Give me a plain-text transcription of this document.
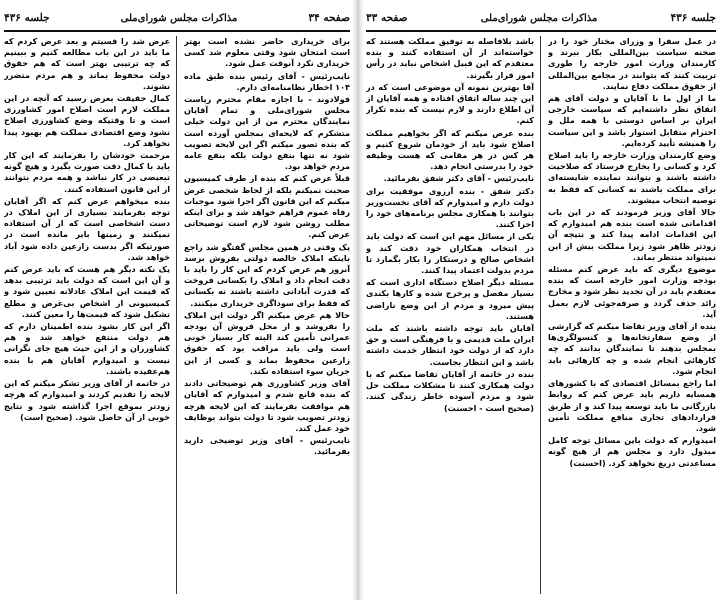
صفحه ۳۴
مذاکرات مجلس شورای‌ملی
جلسه ۴۳۶

برای خریداری حاضر نشده است بهتر است امتحان شود وقتی معلوم شد کسی خریداری نکرد آنوقت عمل شود.

نایب‌رئیس - آقای رئیس بنده طبق ماده ۱۰۴ اخطار نظامنامه‌ای دارم.

فولادوند - با اجازه مقام محترم ریاست مجلس شورای‌ملی و تمام آقایان نمایندگان محترم من از این دولت خیلی متشکرم که لایحه‌ای بمجلس آورده است که بنده تصور میکنم اگر این لایحه تصویب شود نه تنها بنفع دولت بلکه بنفع عامه مردم خواهد بود.

قبلاً عرض کنم که بنده از طرف کمیسیون صحبت نمیکنم بلکه از لحاظ شخصی عرض میکنم که این قانون اگر اجرا شود موجبات رفاه عموم فراهم خواهد شد و برای اینکه مطلب روشن شود لازم است توضیحاتی عرض کنم.

یک وقتی در همین مجلس گفتگو شد راجع باینکه املاک خالصه دولتی بفروش برسد آنروز هم عرض کردم که این کار را باید با دقت انجام داد و املاک را بکسانی فروخت که قدرت آبادانی داشته باشند نه بکسانی که فقط برای سوداگری خریداری میکنند.

حالا هم عرض میکنم اگر دولت این املاک را بفروشد و از محل فروش آن بودجه عمرانی تأمین کند البته کار بسیار خوبی است ولی باید مراقب بود که حقوق زارعین محفوظ بماند و کسی از این جریان سوء استفاده نکند.

آقای وزیر کشاورزی هم توضیحاتی دادند که بنده قانع شدم و امیدوارم که آقایان هم موافقت بفرمایند که این لایحه هرچه زودتر تصویب شود تا دولت بتواند بوظایف خود عمل کند.

نایب‌رئیس - آقای وزیر توضیحی دارید بفرمائید.

عرض شد را فسیتم و بعد عرض کردم که ما باید در این باب مطالعه کنیم و ببینیم که چه ترتیبی بهتر است که هم حقوق دولت محفوظ بماند و هم مردم متضرر نشوند.

کمال حقیقت بعرض رسید که آنچه در این مملکت لازم است اصلاح امور کشاورزی است و تا وقتیکه وضع کشاورزی اصلاح نشود وضع اقتصادی مملکت هم بهبود پیدا نخواهد کرد.

مرحمت خودشان را بفرمایند که این کار باید با کمال دقت صورت بگیرد و هیچ گونه تبعیضی در کار نباشد و همه مردم بتوانند از این قانون استفاده کنند.

بنده میخواهم عرض کنم که اگر آقایان توجه بفرمایند بسیاری از این املاک در دست اشخاصی است که از آن استفاده نمیکنند و زمینها بایر مانده است در صورتیکه اگر بدست زارعین داده شود آباد خواهد شد.

یک نکته دیگر هم هست که باید عرض کنم و آن این است که دولت باید ترتیبی بدهد که قیمت این املاک عادلانه تعیین شود و کمیسیونی از اشخاص بی‌غرض و مطلع تشکیل شود که قیمت‌ها را معین کنند.

اگر این کار بشود بنده اطمینان دارم که هم دولت منتفع خواهد شد و هم کشاورزان و از این حیث هیچ جای نگرانی نیست و امیدوارم آقایان هم با بنده هم‌عقیده باشند.

در خاتمه از آقای وزیر تشکر میکنم که این لایحه را تقدیم کردند و امیدوارم که هرچه زودتر بموقع اجرا گذاشته شود و نتایج خوبی از آن حاصل شود. (صحیح است)

جلسه ۴۳۶
مذاکرات مجلس شورای‌ملی
صفحه ۳۳

در عمل سفرا و وزرای مختار خود را در صحنه سیاست بین‌المللی بکار ببرند و کارمندان وزارت امور خارجه را طوری تربیت کنند که بتوانند در مجامع بین‌المللی از حقوق مملکت دفاع نمایند.

ما از اول ما با آقایان و دولت آقای هم اتفاق نظر داشته‌ایم که سیاست خارجی ایران بر اساس دوستی با همه ملل و احترام متقابل استوار باشد و این سیاست را همیشه تأیید کرده‌ایم.

وضع کارمندان وزارت خارجه را باید اصلاح کرد و کسانی را بخارج فرستاد که صلاحیت داشته باشند و بتوانند نماینده شایسته‌ای برای مملکت باشند نه کسانی که فقط به توصیه انتخاب میشوند.

حالا آقای وزیر فرمودند که در این باب اقداماتی شده است بنده هم امیدوارم که این اقدامات ادامه پیدا کند و نتیجه آن زودتر ظاهر شود زیرا مملکت بیش از این نمیتواند منتظر بماند.

موضوع دیگری که باید عرض کنم مسئله بودجه وزارت امور خارجه است که بنده معتقدم باید در آن تجدید نظر شود و مخارج زائد حذف گردد و صرفه‌جوئی لازم بعمل آید.

بنده از آقای وزیر تقاضا میکنم که گزارشی از وضع سفارتخانه‌ها و کنسولگری‌ها بمجلس بدهند تا نمایندگان بدانند که چه کارهائی انجام شده و چه کارهائی باید انجام شود.

اما راجع بمسائل اقتصادی که با کشورهای همسایه داریم باید عرض کنم که روابط بازرگانی ما باید توسعه پیدا کند و از طریق قراردادهای تجاری منافع مملکت تأمین شود.

امیدوارم که دولت باین مسائل توجه کامل مبذول دارد و مجلس هم از هیچ گونه مساعدتی دریغ نخواهد کرد. (احسنت)

باشد بلافاصله به توفیق مملکت هستند که خواسته‌اند از آن استفاده کنند و بنده معتقدم که این قبیل اشخاص نباید در رأس امور قرار بگیرند.

آقا بهترین نمونه آن موضوعی است که در این چند ساله اتفاق افتاده و همه آقایان از آن اطلاع دارند و لازم نیست که بنده تکرار کنم.

بنده عرض میکنم که اگر بخواهیم مملکت اصلاح شود باید از خودمان شروع کنیم و هر کس در هر مقامی که هست وظیفه خود را بدرستی انجام دهد.

نایب‌رئیس - آقای دکتر شفق بفرمائید.

دکتر شفق - بنده آرزوی موفقیت برای دولت دارم و امیدوارم که آقای نخست‌وزیر بتوانند با همکاری مجلس برنامه‌های خود را اجرا کنند.

یکی از مسائل مهم این است که دولت باید در انتخاب همکاران خود دقت کند و اشخاص صالح و درستکار را بکار بگمارد تا مردم بدولت اعتماد پیدا کنند.

مسئله دیگر اصلاح دستگاه اداری است که بسیار مفصل و پرخرج شده و کارها بکندی پیش میرود و مردم از این وضع ناراضی هستند.

آقایان باید توجه داشته باشند که ملت ایران ملت قدیمی و با فرهنگی است و حق دارد که از دولت خود انتظار خدمت داشته باشد و این انتظار بجاست.

بنده در خاتمه از آقایان تقاضا میکنم که با دولت همکاری کنند تا مشکلات مملکت حل شود و مردم آسوده خاطر زندگی کنند. (صحیح است - احسنت)
